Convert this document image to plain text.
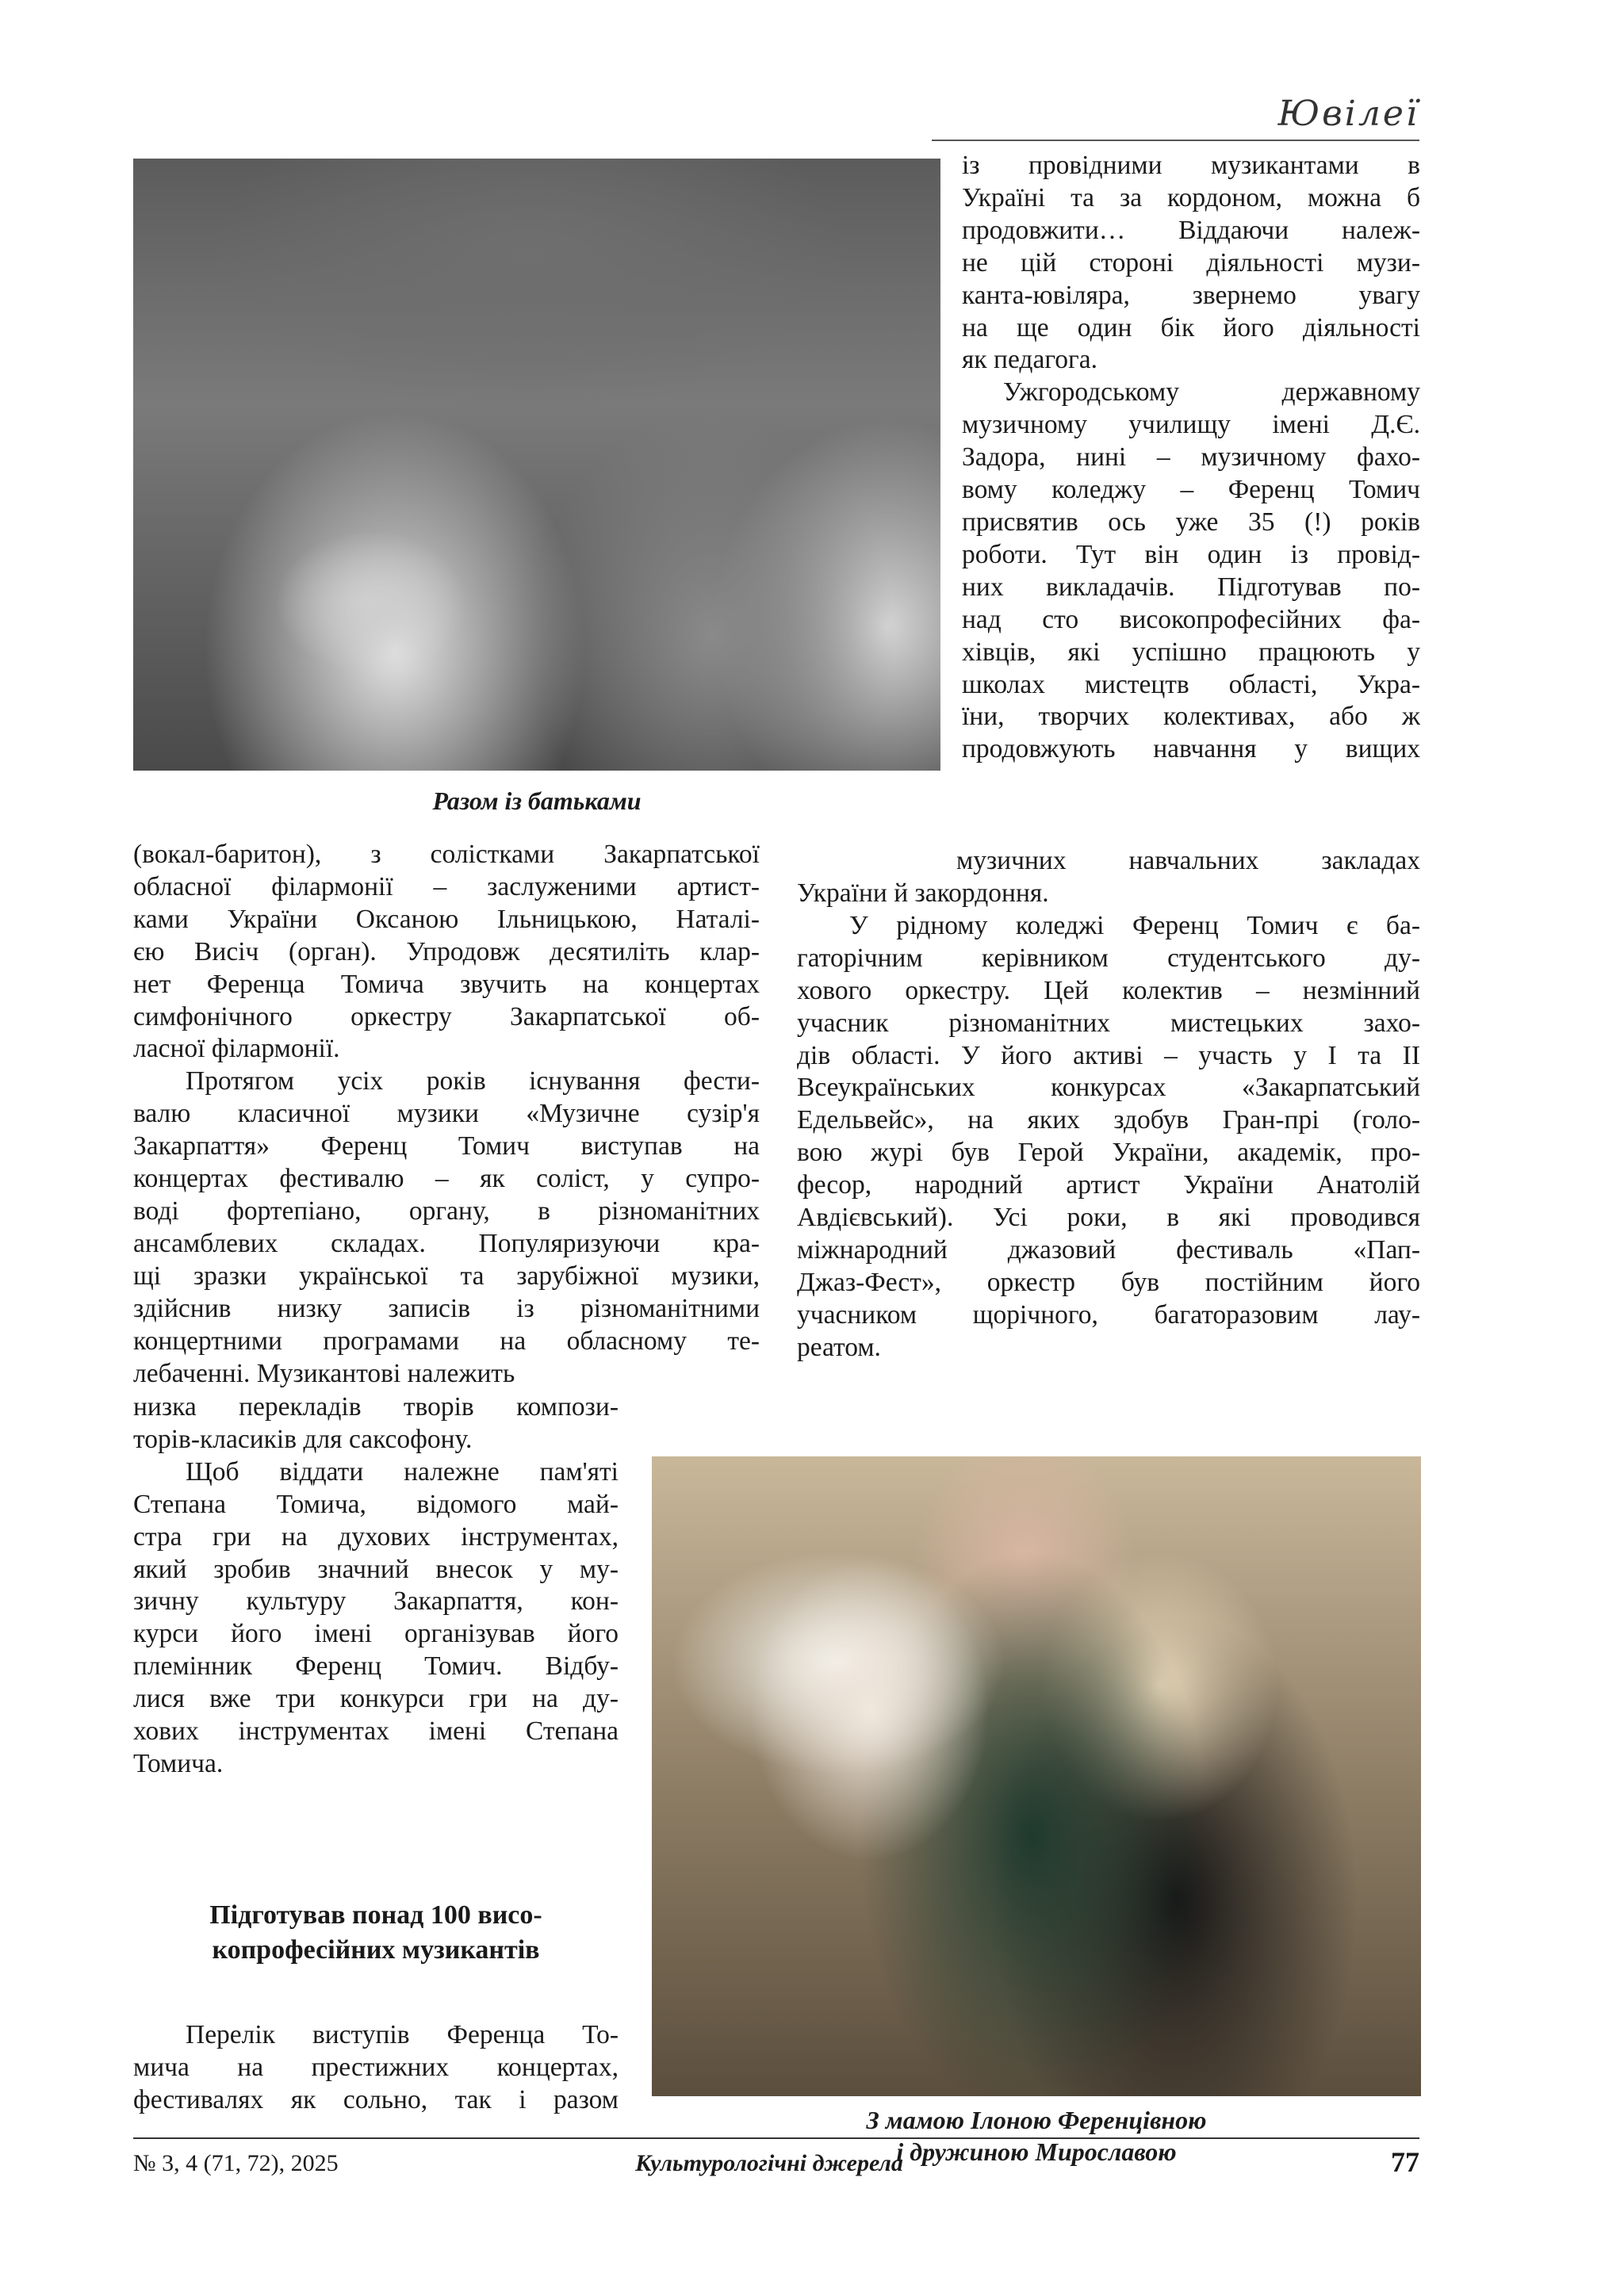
Ювілеї
Разом із батьками
із провідними музикантами в
Україні та за кордоном, можна б
продовжити… Віддаючи належ-
не цій стороні діяльності музи-
канта-ювіляра, звернемо увагу
на ще один бік його діяльності
як педагога.
Ужгородському державному
музичному училищу імені Д.Є.
Задора, нині – музичному фахо-
вому коледжу – Ференц Томич
присвятив ось уже 35 (!) років
роботи. Тут він один із провід-
них викладачів. Підготував по-
над сто високопрофесійних фа-
хівців, які успішно працюють у
школах мистецтв області, Укра-
їни, творчих колективах, або ж
продовжують навчання у вищих
музичних навчальних закладах
України й закордоння.
У рідному коледжі Ференц Томич є ба-
гаторічним керівником студентського ду-
хового оркестру. Цей колектив – незмінний
учасник різноманітних мистецьких захо-
дів області. У його активі – участь у І та ІІ
Всеукраїнських конкурсах «Закарпатський
Едельвейс», на яких здобув Гран-прі (голо-
вою журі був Герой України, академік, про-
фесор, народний артист України Анатолій
Авдієвський). Усі роки, в які проводився
міжнародний джазовий фестиваль «Пап-
Джаз-Фест», оркестр був постійним його
учасником щорічного, багаторазовим лау-
реатом.
(вокал-баритон), з солістками Закарпатської
обласної філармонії – заслуженими артист-
ками України Оксаною Ільницькою, Наталі-
єю Висіч (орган). Упродовж десятиліть клар-
нет Ференца Томича звучить на концертах
симфонічного оркестру Закарпатської об-
ласної філармонії.
Протягом усіх років існування фести-
валю класичної музики «Музичне сузір'я
Закарпаття» Ференц Томич виступав на
концертах фестивалю – як соліст, у супро-
воді фортепіано, органу, в різноманітних
ансамблевих складах. Популяризуючи кра-
щі зразки української та зарубіжної музики,
здійснив низку записів із різноманітними
концертними програмами на обласному те-
лебаченні. Музикантові належить
низка перекладів творів компози-
торів-класиків для саксофону.
Щоб віддати належне пам'яті
Степана Томича, відомого май-
стра гри на духових інструментах,
який зробив значний внесок у му-
зичну культуру Закарпаття, кон-
курси його імені організував його
племінник Ференц Томич. Відбу-
лися вже три конкурси гри на ду-
хових інструментах імені Степана
Томича.
Підготував понад 100 висо-
копрофесійних музикантів
Перелік виступів Ференца То-
мича на престижних концертах,
фестивалях як сольно, так і разом
З мамою Ілоною Ференцівною
і дружиною Мирославою
№ 3, 4 (71, 72), 2025	Культурологічні джерела	77
